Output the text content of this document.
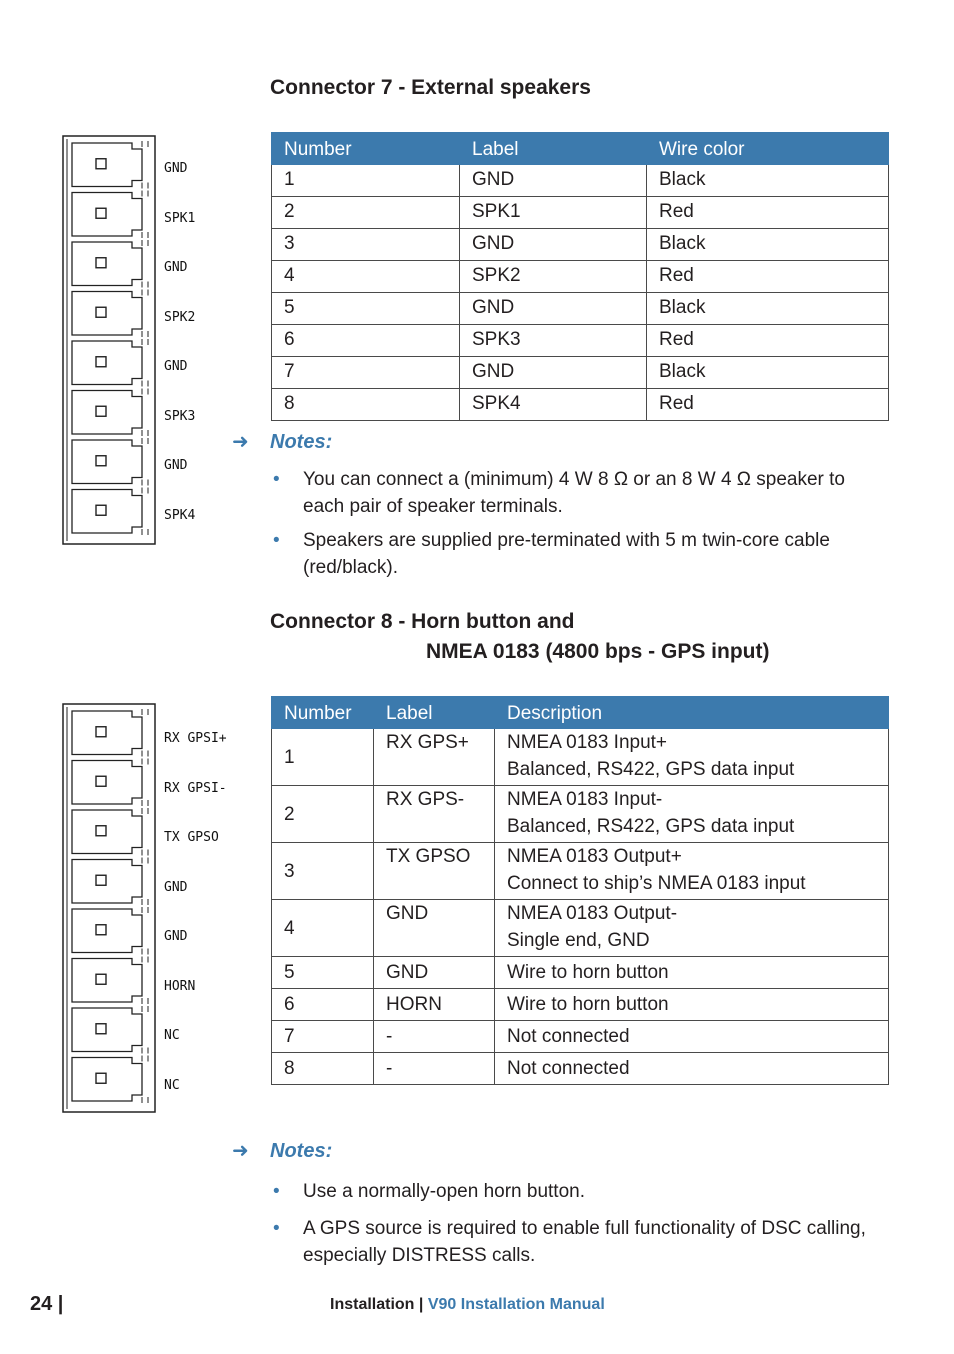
Connector 7 - External speakers
GND
SPK1
GND
SPK2
GND
SPK3
GND
SPK4
Number	Label	Wire color
1	GND	Black
2	SPK1	Red
3	GND	Black
4	SPK2	Red
5	GND	Black
6	SPK3	Red
7	GND	Black
8	SPK4	Red
➜ Notes:
• You can connect a (minimum) 4 W 8 Ω or an 8 W 4 Ω speaker to each pair of speaker terminals.
• Speakers are supplied pre-terminated with 5 m twin-core cable (red/black).
Connector 8 - Horn button and
NMEA 0183 (4800 bps - GPS input)
RX GPSI+
RX GPSI-
TX GPSO
GND
GND
HORN
NC
NC
Number	Label	Description
1	RX GPS+	NMEA 0183 Input+
Balanced, RS422, GPS data input

2	RX GPS-	NMEA 0183 Input-
Balanced, RS422, GPS data input

3	TX GPSO	NMEA 0183 Output+
Connect to ship’s NMEA 0183 input

4	GND	NMEA 0183 Output-
Single end, GND

5	GND	Wire to horn button

6	HORN	Wire to horn button

7	-	Not connected

8	-	Not connected
➜ Notes:
• Use a normally-open horn button.
• A GPS source is required to enable full functionality of DSC calling, especially DISTRESS calls.
24 |	Installation | V90 Installation Manual
